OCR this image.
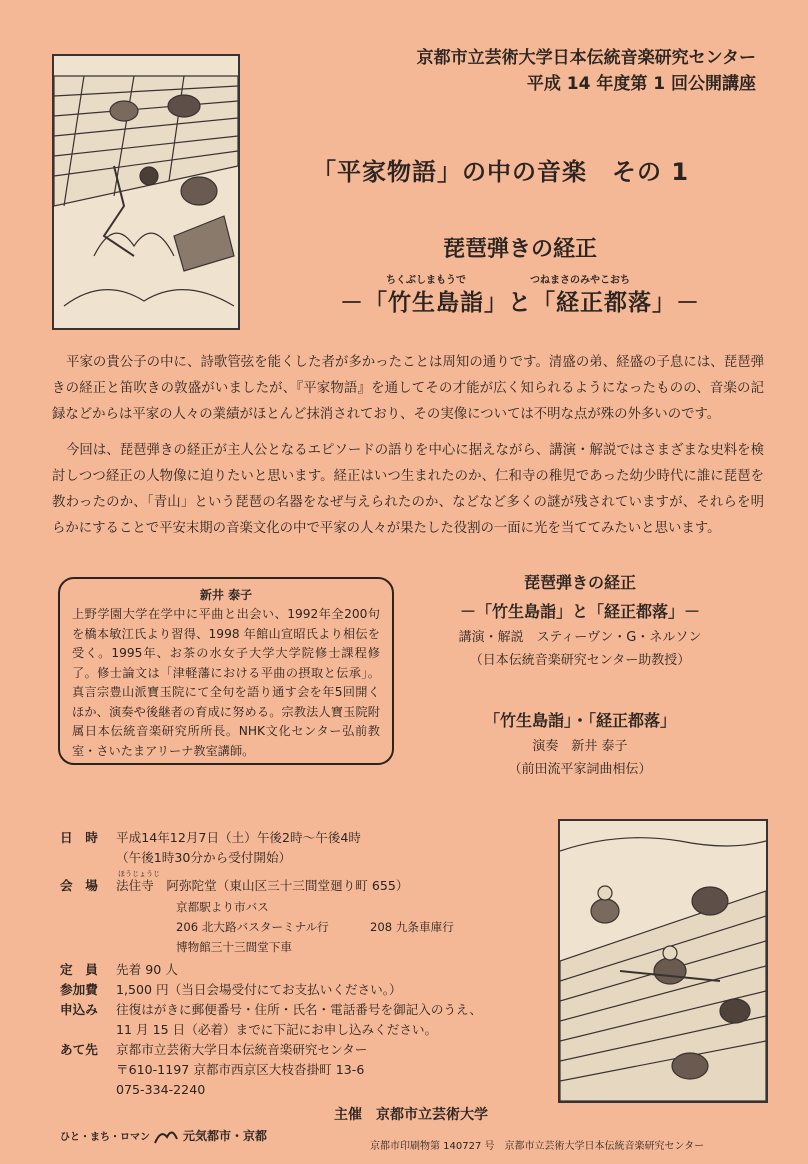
京都市立芸術大学日本伝統音楽研究センター
平成 14 年度第 1 回公開講座
「平家物語」の中の音楽　その 1
琵琶弾きの経正
ちくぶしまもうで	つねまさのみやこおち
－「竹生島詣」と「経正都落」－

平家の貴公子の中に、詩歌管弦を能くした者が多かったことは周知の通りです。清盛の弟、経盛の子息には、琵琶弾きの経正と笛吹きの敦盛がいましたが、『平家物語』を通してその才能が広く知られるようになったものの、音楽の記録などからは平家の人々の業績がほとんど抹消されており、その実像については不明な点が殊の外多いのです。

今回は、琵琶弾きの経正が主人公となるエピソードの語りを中心に据えながら、講演・解説ではさまざまな史料を検討しつつ経正の人物像に迫りたいと思います。経正はいつ生まれたのか、仁和寺の稚児であった幼少時代に誰に琵琶を教わったのか、「青山」という琵琶の名器をなぜ与えられたのか、などなど多くの謎が残されていますが、それらを明らかにすることで平安末期の音楽文化の中で平家の人々が果たした役割の一面に光を当ててみたいと思います。

新井 泰子
上野学園大学在学中に平曲と出会い、1992年全200句を橋本敏江氏より習得、1998 年館山宣昭氏より相伝を受く。1995年、お茶の水女子大学大学院修士課程修了。修士論文は「津軽藩における平曲の摂取と伝承」。真言宗豊山派寶玉院にて全句を語り通す会を年5回開くほか、演奏や後継者の育成に努める。宗教法人寶玉院附属日本伝統音楽研究所所長。NHK文化センター弘前教室・さいたまアリーナ教室講師。
琵琶弾きの経正
－「竹生島詣」と「経正都落」－
講演・解説　スティーヴン・G・ネルソン
（日本伝統音楽研究センター助教授）
「竹生島詣」・「経正都落」
演奏　新井 泰子
（前田流平家詞曲相伝）
日　時	平成14年12月7日（土）午後2時～午後4時
（午後1時30分から受付開始）
ほうじょうじ
会　場	法住寺　阿弥陀堂（東山区三十三間堂廻り町 655）
京都駅より市バス
206 北大路バスターミナル行	208 九条車庫行
博物館三十三間堂下車
定　員	先着 90 人
参加費	1,500 円（当日会場受付にてお支払いください。）
申込み	往復はがきに郵便番号・住所・氏名・電話番号を御記入のうえ、
11 月 15 日（必着）までに下記にお申し込みください。
あて先	京都市立芸術大学日本伝統音楽研究センター
〒610-1197 京都市西京区大枝沓掛町 13-6
075-334-2240
主催　京都市立芸術大学
ひと・まち・ロマン	元気都市・京都
京都市印刷物第 140727 号　京都市立芸術大学日本伝統音楽研究センター
